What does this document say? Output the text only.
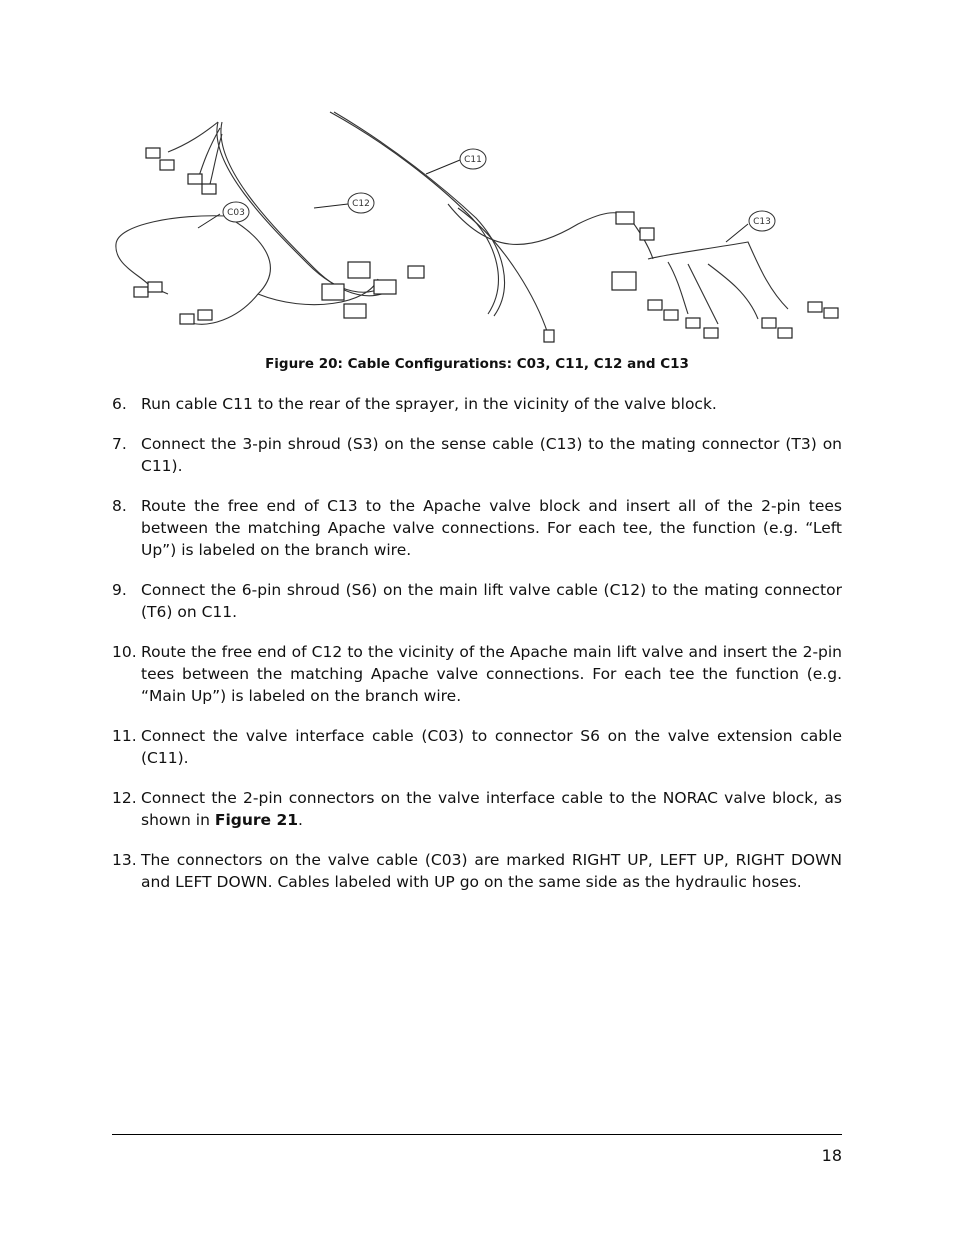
C11
C12
C03
C13
Figure 20: Cable Configurations: C03, C11, C12 and C13
6. Run cable C11 to the rear of the sprayer, in the vicinity of the valve block.
7. Connect the 3-pin shroud (S3) on the sense cable (C13) to the mating connector (T3) on C11).
8. Route the free end of C13 to the Apache valve block and insert all of the 2-pin tees between the matching Apache valve connections. For each tee, the function (e.g. “Left Up”) is labeled on the branch wire.
9. Connect the 6-pin shroud (S6) on the main lift valve cable (C12) to the mating connector (T6) on C11.
10. Route the free end of C12 to the vicinity of the Apache main lift valve and insert the 2-pin tees between the matching Apache valve connections. For each tee the function (e.g. “Main Up”) is labeled on the branch wire.
11. Connect the valve interface cable (C03) to connector S6 on the valve extension cable (C11).
12. Connect the 2-pin connectors on the valve interface cable to the NORAC valve block, as shown in Figure 21.
13. The connectors on the valve cable (C03) are marked RIGHT UP, LEFT UP, RIGHT DOWN and LEFT DOWN. Cables labeled with UP go on the same side as the hydraulic hoses.
18
